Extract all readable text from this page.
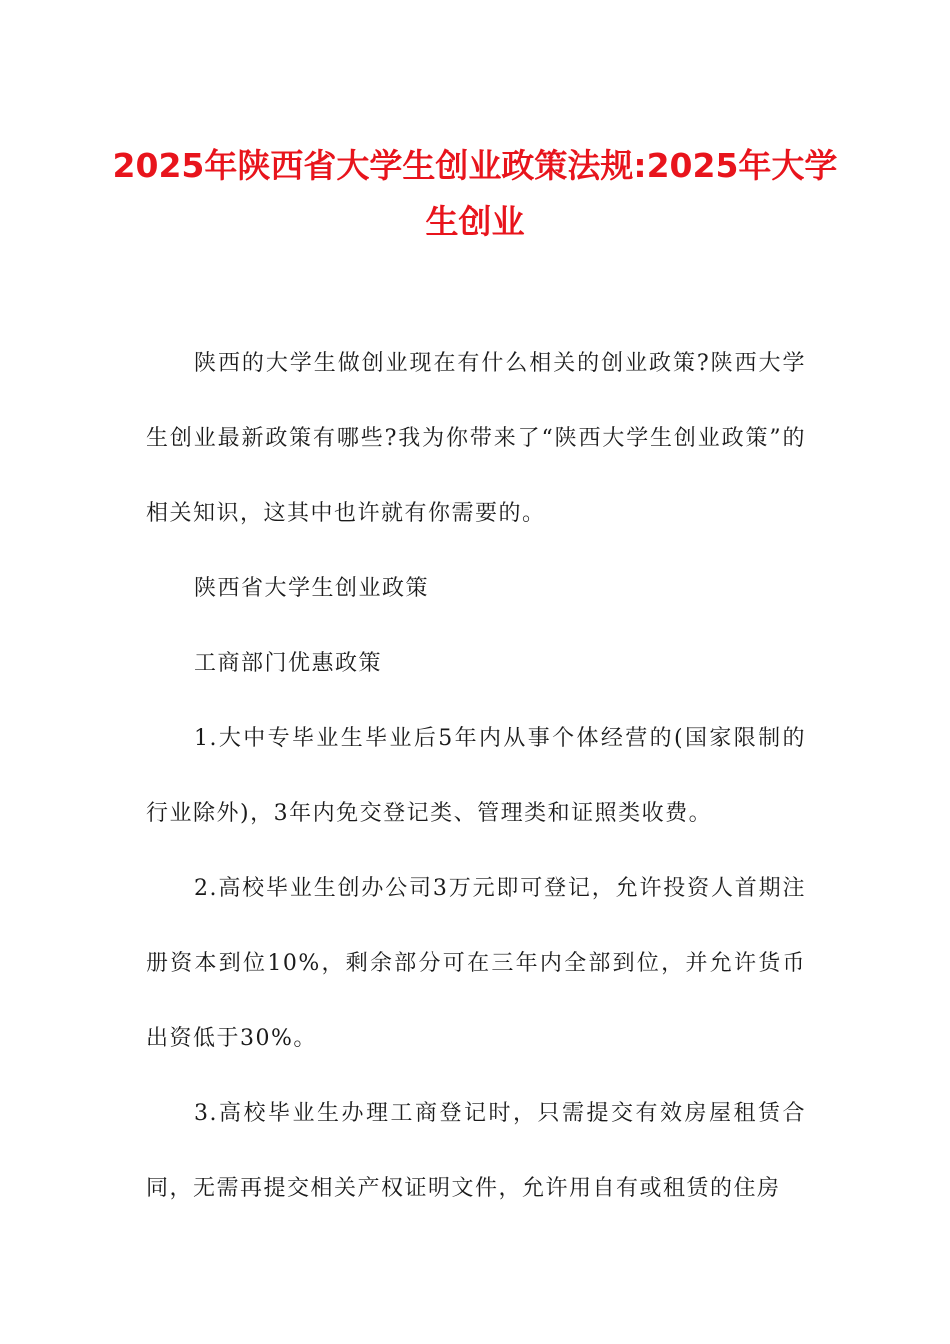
2025年陕西省大学生创业政策法规:2025年大学生创业

陕西的大学生做创业现在有什么相关的创业政策?陕西大学生创业最新政策有哪些?我为你带来了“陕西大学生创业政策”的相关知识，这其中也许就有你需要的。

陕西省大学生创业政策

工商部门优惠政策

1.大中专毕业生毕业后5年内从事个体经营的(国家限制的行业除外)，3年内免交登记类、管理类和证照类收费。

2.高校毕业生创办公司3万元即可登记，允许投资人首期注册资本到位10%，剩余部分可在三年内全部到位，并允许货币出资低于30%。

3.高校毕业生办理工商登记时，只需提交有效房屋租赁合同，无需再提交相关产权证明文件，允许用自有或租赁的住房
